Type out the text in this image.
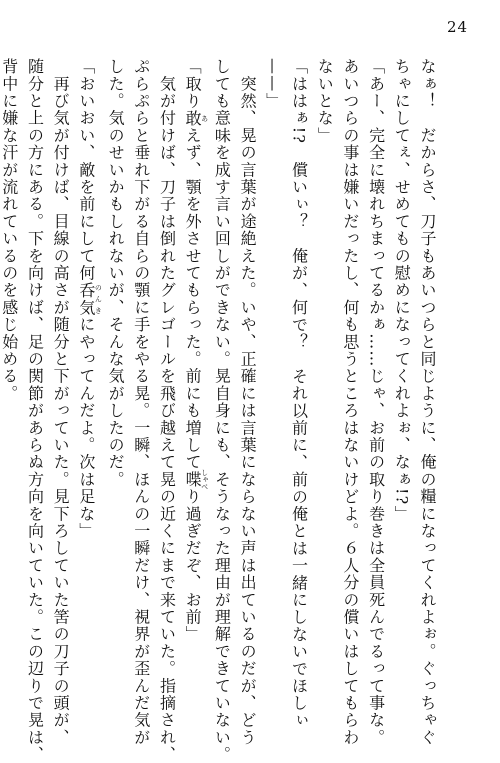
24
なぁ！　だからさ、刀子もあいつらと同じように、俺の糧になってくれよぉ。ぐっちゃぐ
ちゃにしてぇ、せめてもの慰めになってくれよぉ、なぁ!?」
「あー、完全に壊れちまってるかぁ……じゃ、お前の取り巻きは全員死んでるって事な。
あいつらの事は嫌いだったし、何も思うところはないけどよ。６人分の償いはしてもらわ
ないとな」
「ははぁ!?　償いぃ？　俺が、何で？　それ以前に、前の俺とは一緒にしないでほしぃ
——」
　突然、晃の言葉が途絶えた。いや、正確には言葉にならない声は出ているのだが、どう
しても意味を成す言い回しができない。晃自身にも、そうなった理由が理解できていない。
「取り敢あえず、顎を外させてもらった。前にも増して喋しゃべり過ぎだぞ、お前」
　気が付けば、刀子は倒れたグレゴールを飛び越えて晃の近くにまで来ていた。指摘され、
ぷらぷらと垂れ下がる自らの顎に手をやる晃。一瞬、ほんの一瞬だけ、視界が歪んだ気が
した。気のせいかもしれないが、そんな気がしたのだ。
「おいおい、敵を前にして何呑気のんきにやってんだよ。次は足な」
　再び気が付けば、目線の高さが随分と下がっていた。見下ろしていた筈の刀子の頭が、
随分と上の方にある。下を向けば、足の関節があらぬ方向を向いていた。この辺りで晃は、
背中に嫌な汗が流れているのを感じ始める。
